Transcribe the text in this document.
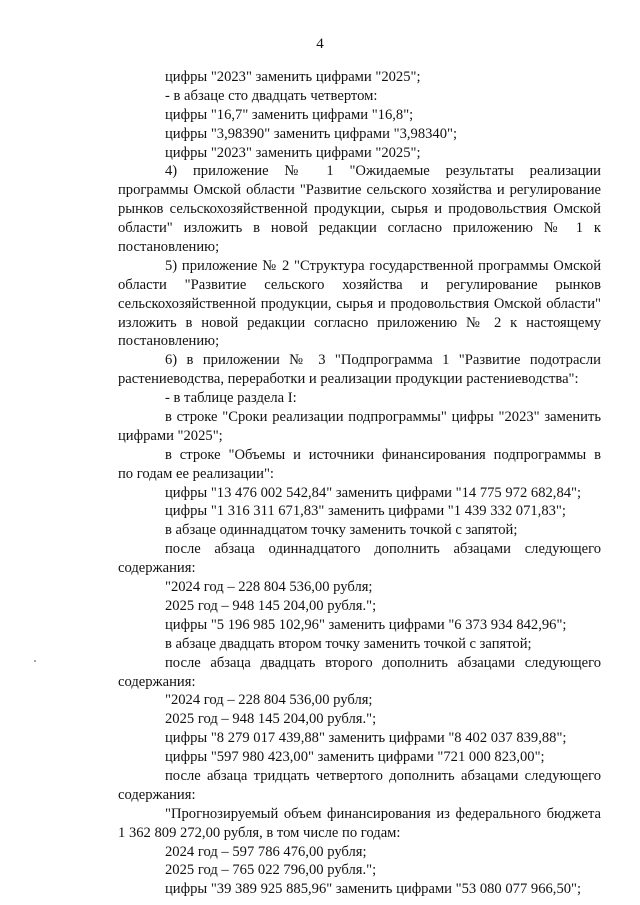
4
цифры "2023" заменить цифрами "2025";
- в абзаце сто двадцать четвертом:
цифры "16,7" заменить цифрами "16,8";
цифры "3,98390" заменить цифрами "3,98340";
цифры "2023" заменить цифрами "2025";
4) приложение № 1 "Ожидаемые результаты реализации
программы Омской области "Развитие сельского хозяйства и регулирование
рынков сельскохозяйственной продукции, сырья и продовольствия Омской
области" изложить в новой редакции согласно приложению № 1 к
постановлению;
5) приложение № 2 "Структура государственной программы Омской
области "Развитие сельского хозяйства и регулирование рынков
сельскохозяйственной продукции, сырья и продовольствия Омской области"
изложить в новой редакции согласно приложению № 2 к настоящему
постановлению;
6) в приложении № 3 "Подпрограмма 1 "Развитие подотрасли
растениеводства, переработки и реализации продукции растениеводства":
- в таблице раздела I:
в строке "Сроки реализации подпрограммы" цифры "2023" заменить
цифрами "2025";
в строке "Объемы и источники финансирования подпрограммы в
по годам ее реализации":
цифры "13 476 002 542,84" заменить цифрами "14 775 972 682,84";
цифры "1 316 311 671,83" заменить цифрами "1 439 332 071,83";
в абзаце одиннадцатом точку заменить точкой с запятой;
после абзаца одиннадцатого дополнить абзацами следующего
содержания:
"2024 год – 228 804 536,00 рубля;
2025 год – 948 145 204,00 рубля.";
цифры "5 196 985 102,96" заменить цифрами "6 373 934 842,96";
в абзаце двадцать втором точку заменить точкой с запятой;
после абзаца двадцать второго дополнить абзацами следующего
содержания:
"2024 год – 228 804 536,00 рубля;
2025 год – 948 145 204,00 рубля.";
цифры "8 279 017 439,88" заменить цифрами "8 402 037 839,88";
цифры "597 980 423,00" заменить цифрами "721 000 823,00";
после абзаца тридцать четвертого дополнить абзацами следующего
содержания:
"Прогнозируемый объем финансирования из федерального бюджета
1 362 809 272,00 рубля, в том числе по годам:
2024 год – 597 786 476,00 рубля;
2025 год – 765 022 796,00 рубля.";
цифры "39 389 925 885,96" заменить цифрами "53 080 077 966,50";
